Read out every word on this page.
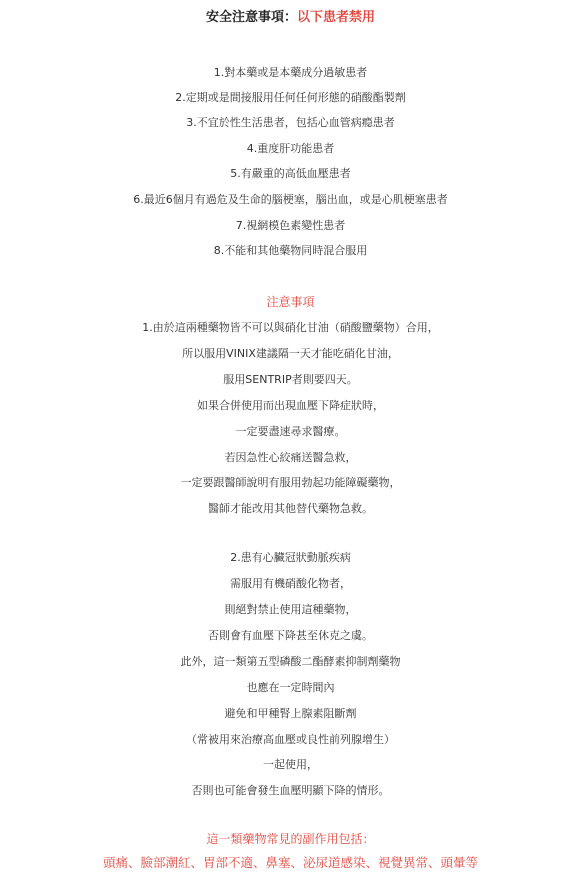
安全注意事項：以下患者禁用
1.對本藥或是本藥成分過敏患者
2.定期或是間接服用任何任何形態的硝酸酯製劑
3.不宜於性生活患者，包括心血管病瘾患者
4.重度肝功能患者
5.有嚴重的高低血壓患者
6.最近6個月有過危及生命的腦梗塞，腦出血，或是心肌梗塞患者
7.視網模色素變性患者
8.不能和其他藥物同時混合服用
注意事項
1.由於這兩種藥物皆不可以與硝化甘油（硝酸鹽藥物）合用，
所以服用VINIX建議隔一天才能吃硝化甘油，
服用SENTRIP者則要四天。
如果合併使用而出現血壓下降症狀時，
一定要盡速尋求醫療。
若因急性心絞痛送醫急救，
一定要跟醫師說明有服用勃起功能障礙藥物，
醫師才能改用其他替代藥物急救。
2.患有心臟冠狀動脈疾病
需服用有機硝酸化物者，
則絕對禁止使用這種藥物，
否則會有血壓下降甚至休克之虞。
此外，這一類第五型磷酸二酯酵素抑制劑藥物
也應在一定時間內
避免和甲種腎上腺素阻斷劑
（常被用來治療高血壓或良性前列腺增生）
一起使用，
否則也可能會發生血壓明顯下降的情形。
這一類藥物常見的副作用包括：
頭痛、臉部潮紅、胃部不適、鼻塞、泌尿道感染、視覺異常、頭暈等
